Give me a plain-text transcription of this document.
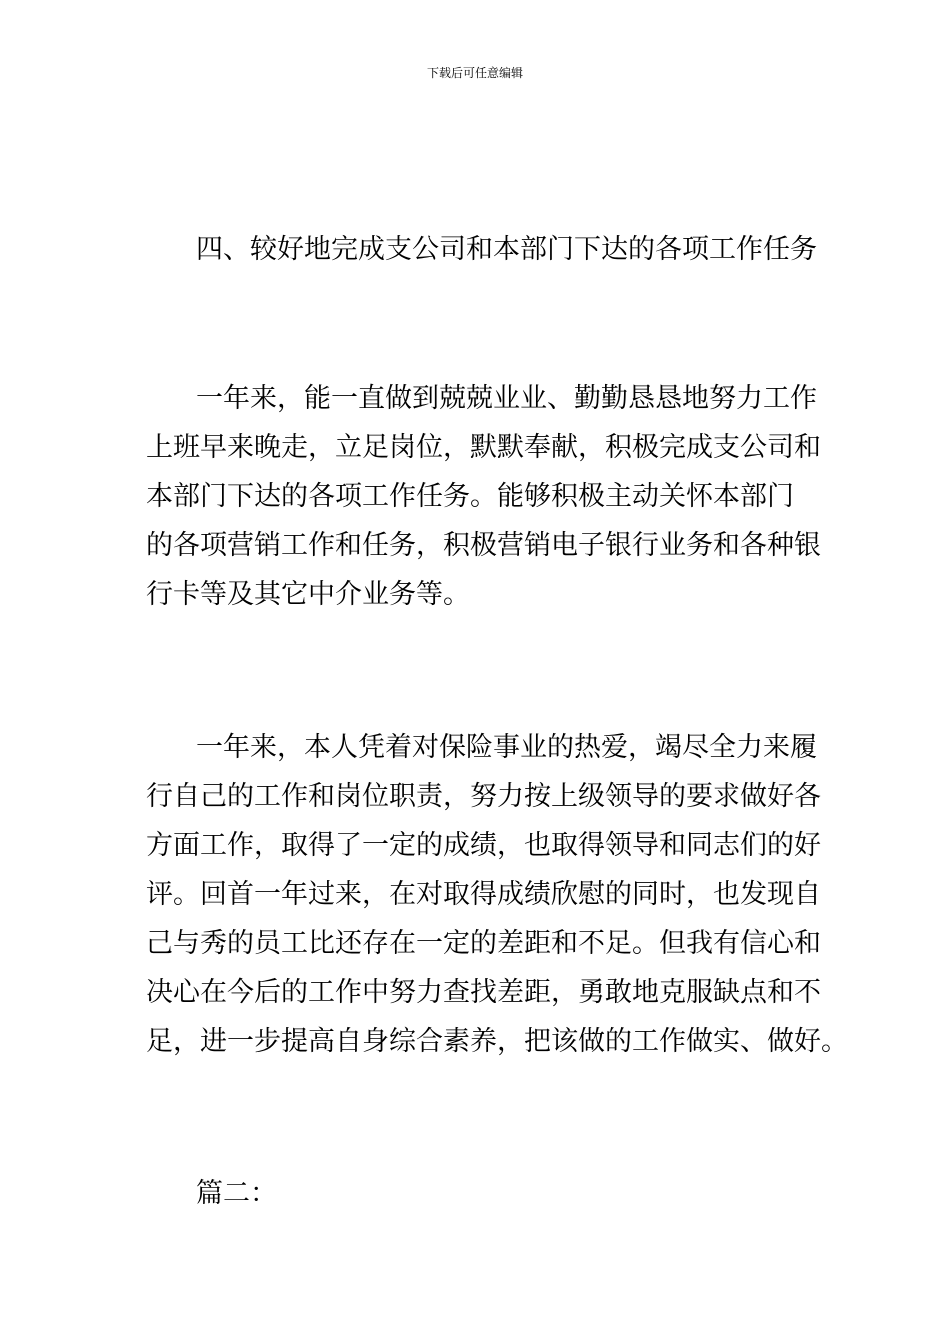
下载后可任意编辑
四、较好地完成支公司和本部门下达的各项工作任务
一年来，能一直做到兢兢业业、勤勤恳恳地努力工作
上班早来晚走，立足岗位，默默奉献，积极完成支公司和
本部门下达的各项工作任务。能够积极主动关怀本部门
的各项营销工作和任务，积极营销电子银行业务和各种银
行卡等及其它中介业务等。
一年来，本人凭着对保险事业的热爱，竭尽全力来履
行自己的工作和岗位职责，努力按上级领导的要求做好各
方面工作，取得了一定的成绩，也取得领导和同志们的好
评。回首一年过来，在对取得成绩欣慰的同时，也发现自
己与秀的员工比还存在一定的差距和不足。但我有信心和
决心在今后的工作中努力查找差距，勇敢地克服缺点和不
足，进一步提高自身综合素养，把该做的工作做实、做好。
篇二：
